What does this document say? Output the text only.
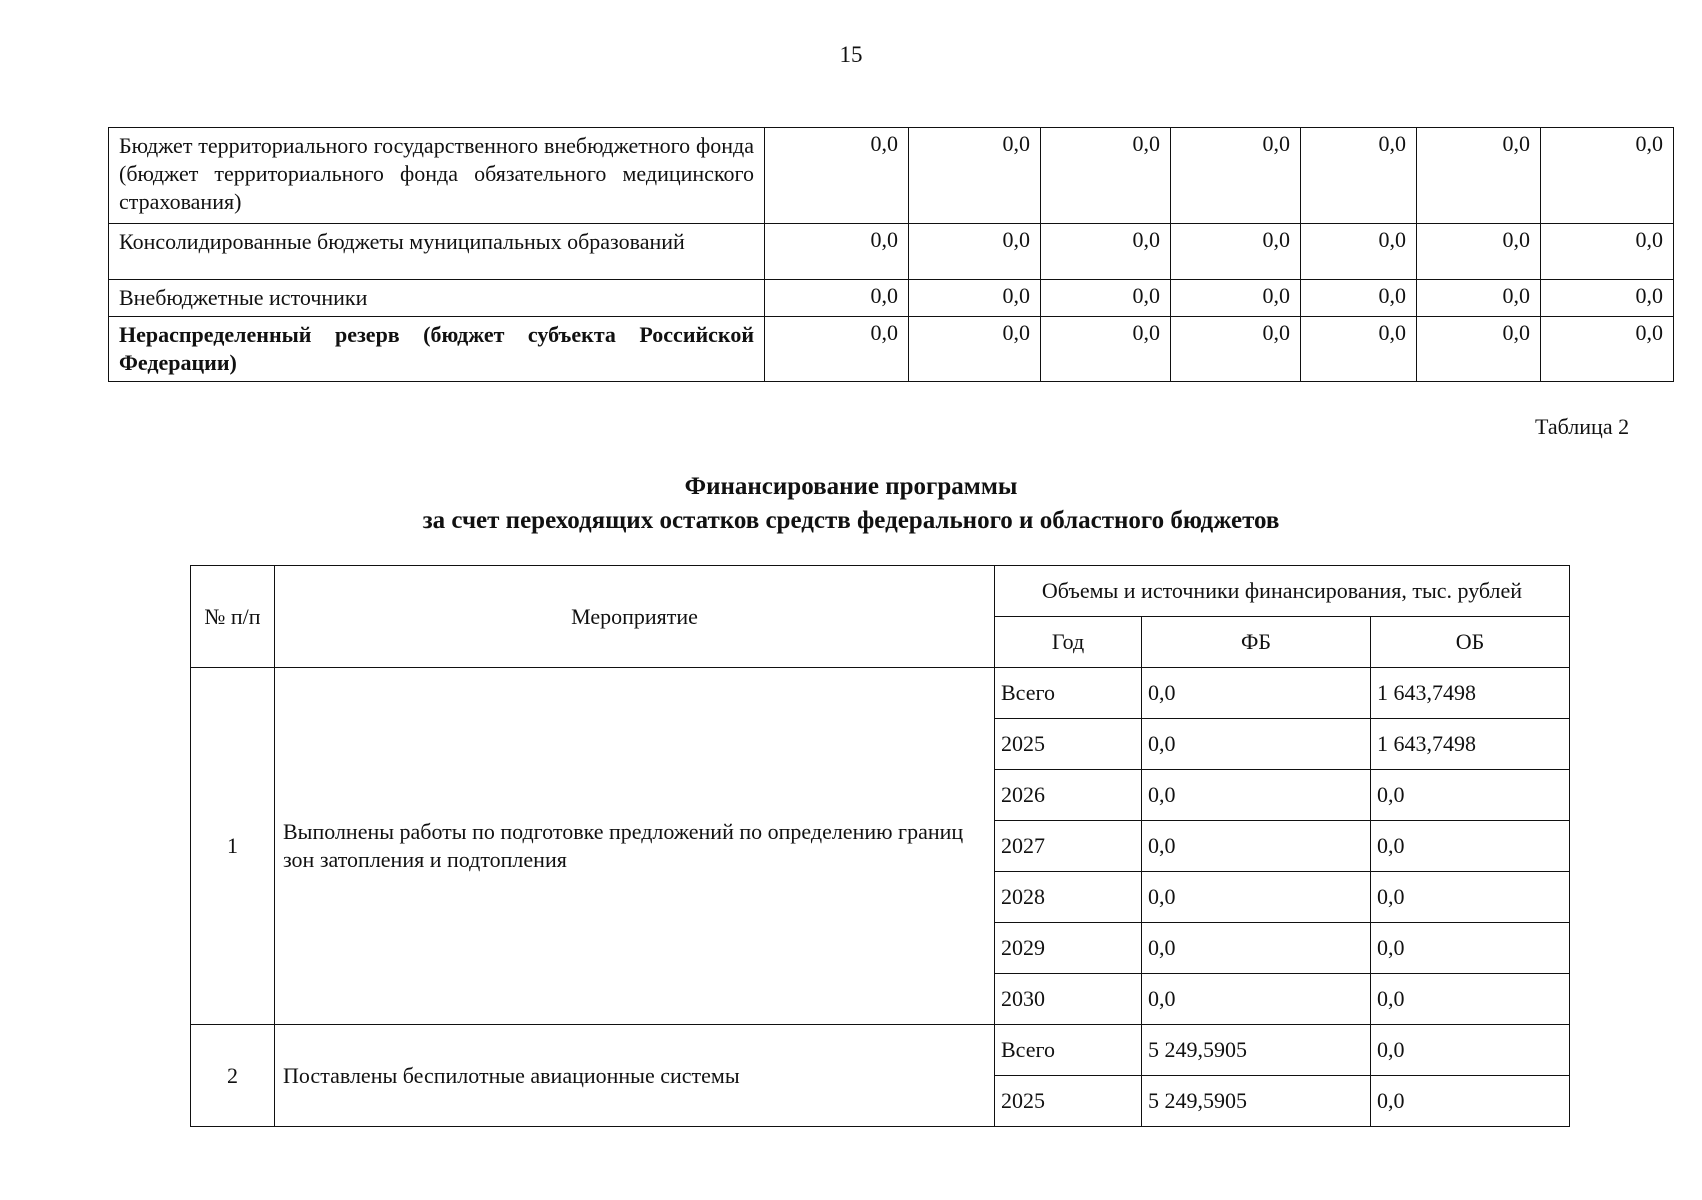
15
Бюджет территориального государственного внебюджетного фонда (бюджет территориального фонда обязательного медицинского страхования)	0,0	0,0	0,0	0,0	0,0	0,0	0,0
Консолидированные бюджеты муниципальных образований	0,0	0,0	0,0	0,0	0,0	0,0	0,0
Внебюджетные источники	0,0	0,0	0,0	0,0	0,0	0,0	0,0
Нераспределенный резерв (бюджет субъекта Российской Федерации)	0,0	0,0	0,0	0,0	0,0	0,0	0,0
Таблица 2
Финансирование программы
за счет переходящих остатков средств федерального и областного бюджетов
№ п/п	Мероприятие	Объемы и источники финансирования, тыс. рублей		
		Год	ФБ	ОБ
1	Выполнены работы по подготовке предложений по определению границ зон затопления и подтопления	Всего	0,0	1 643,7498
		2025	0,0	1 643,7498
		2026	0,0	0,0
		2027	0,0	0,0
		2028	0,0	0,0
		2029	0,0	0,0
		2030	0,0	0,0
2	Поставлены беспилотные авиационные системы	Всего	5 249,5905	0,0
		2025	5 249,5905	0,0
